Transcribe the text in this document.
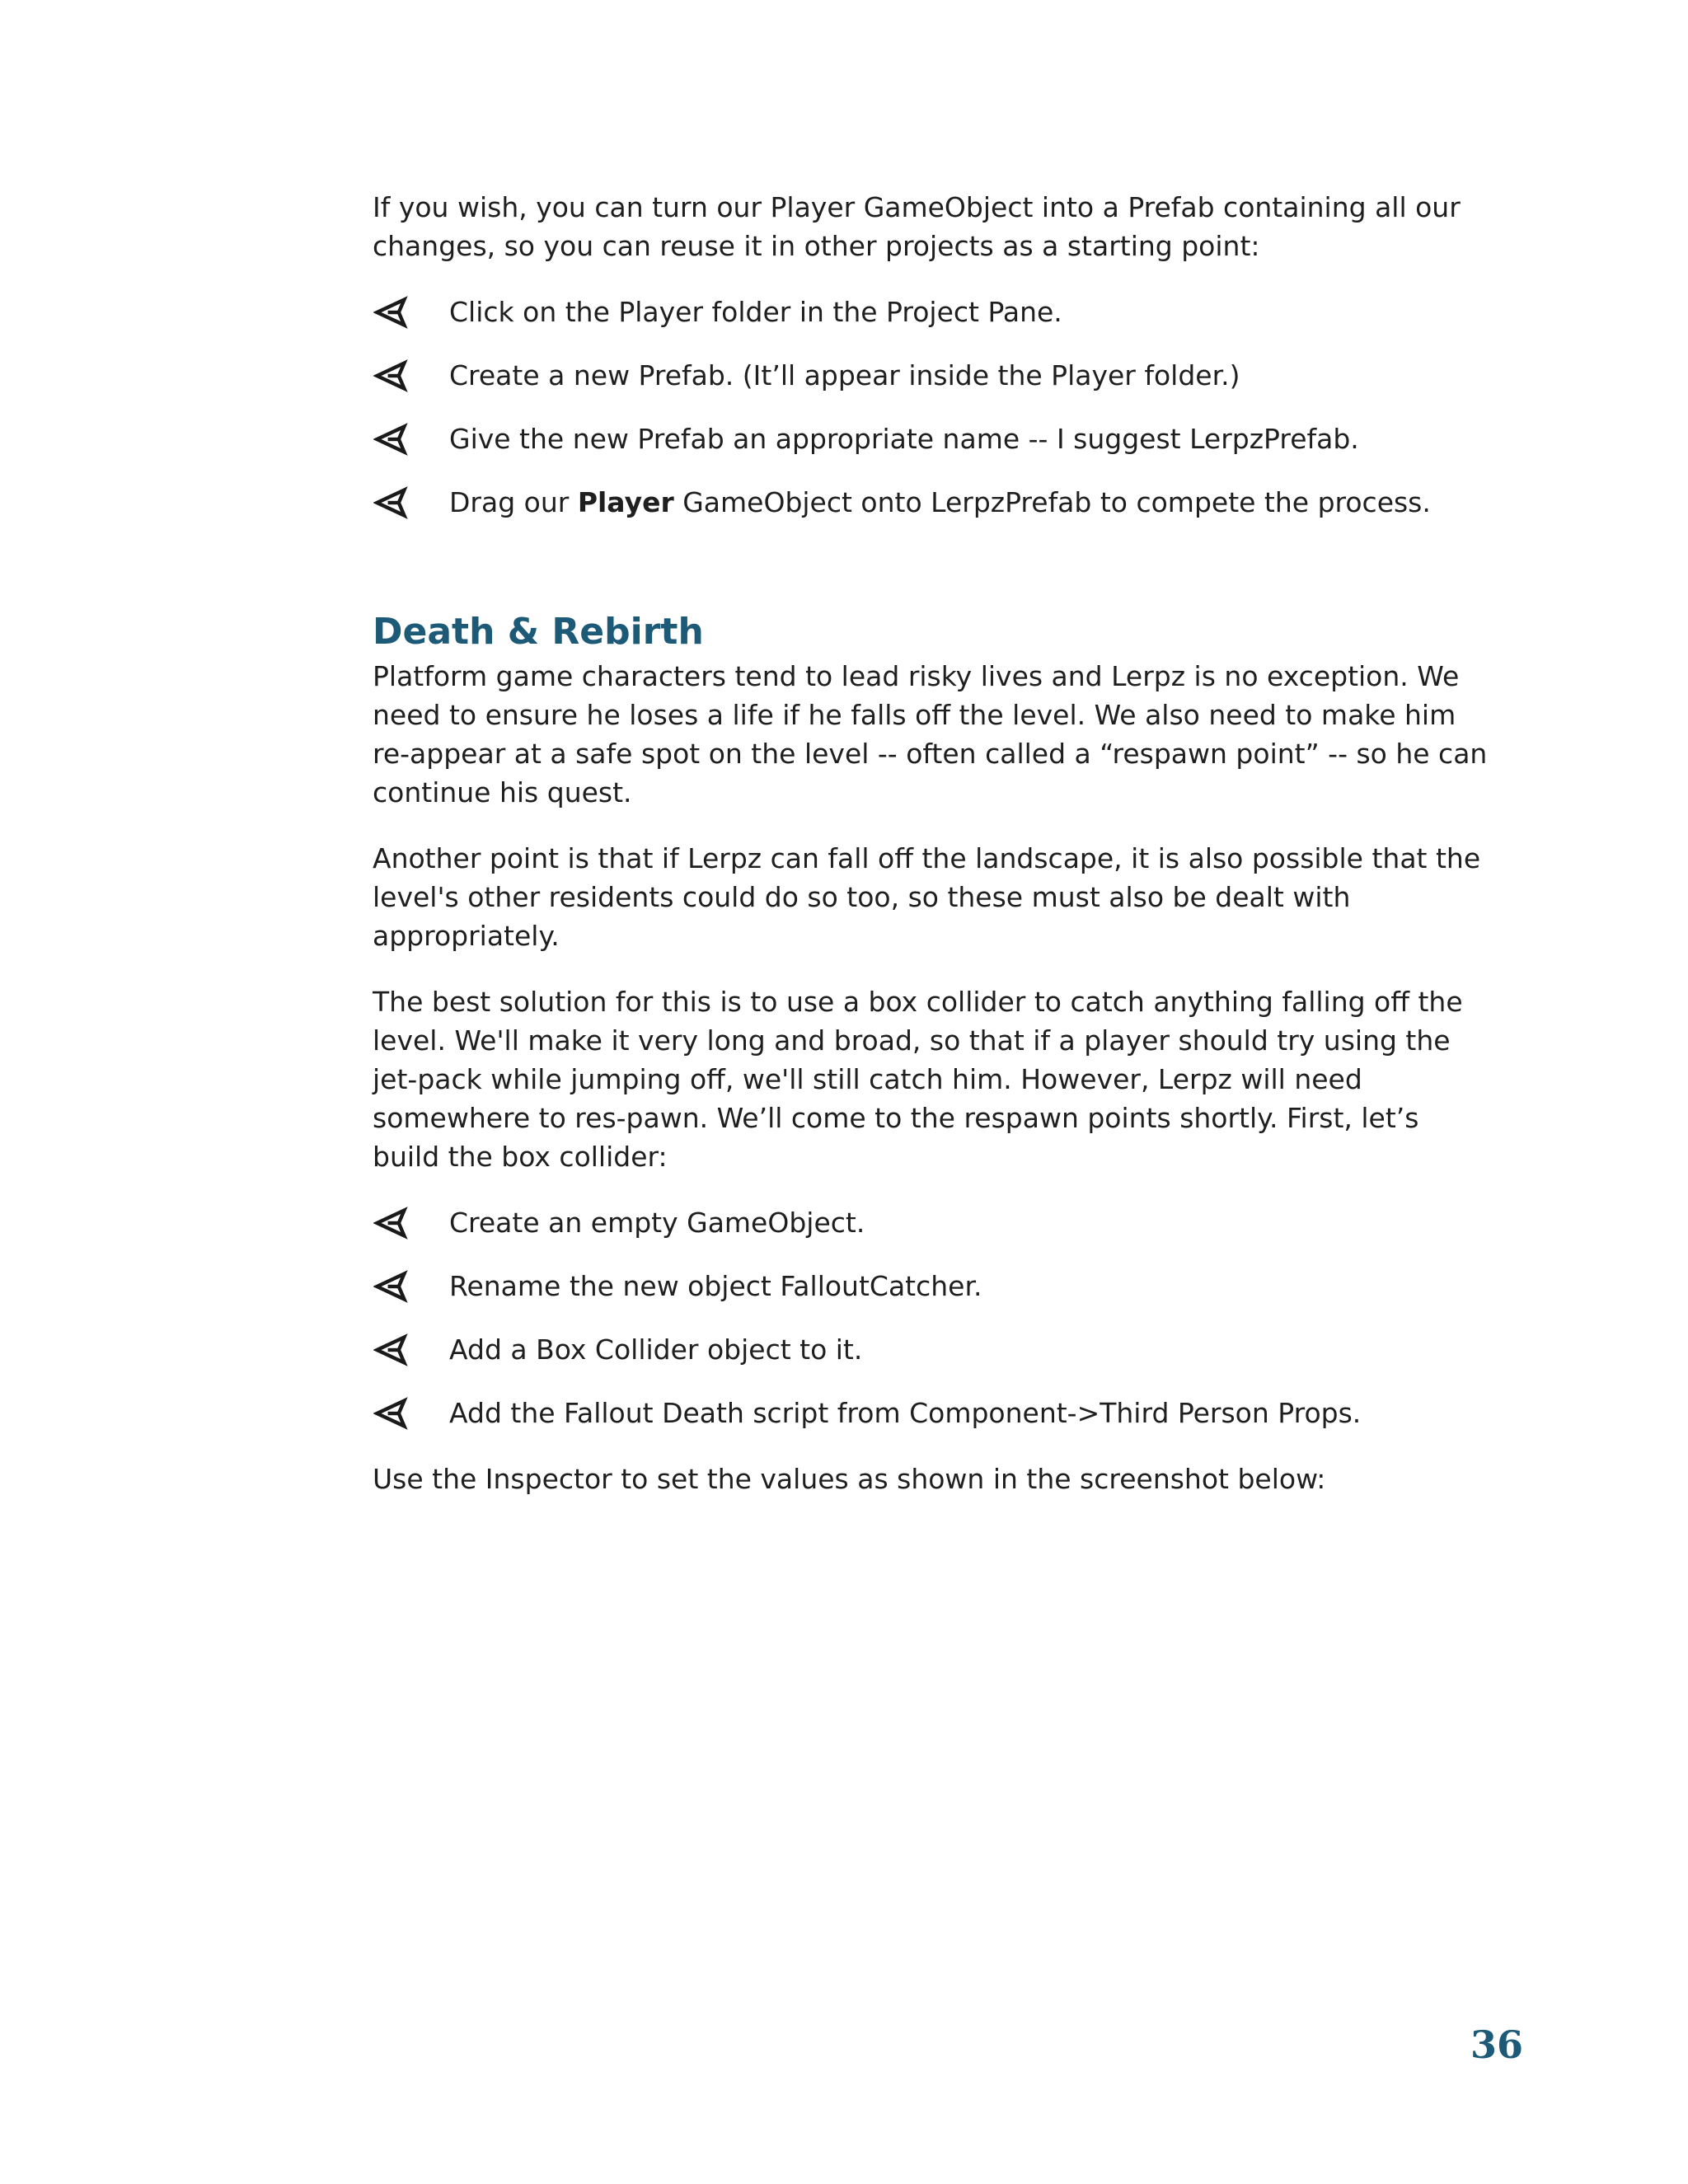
If you wish, you can turn our Player GameObject into a Prefab containing all our changes, so you can reuse it in other projects as a starting point:

Click on the Player folder in the Project Pane.
Create a new Prefab. (It’ll appear inside the Player folder.)
Give the new Prefab an appropriate name -- I suggest LerpzPrefab.
Drag our Player GameObject onto LerpzPrefab to compete the process.
Death & Rebirth

Platform game characters tend to lead risky lives and Lerpz is no exception. We need to ensure he loses a life if he falls off the level. We also need to make him re-appear at a safe spot on the level -- often called a “respawn point” -- so he can continue his quest.

Another point is that if Lerpz can fall off the landscape, it is also possible that the level's other residents could do so too, so these must also be dealt with appropriately.

The best solution for this is to use a box collider to catch anything falling off the level. We'll make it very long and broad, so that if a player should try using the jet-pack while jumping off, we'll still catch him. However, Lerpz will need somewhere to res-pawn. We’ll come to the respawn points shortly. First, let’s build the box collider:

Create an empty GameObject.
Rename the new object FalloutCatcher.
Add a Box Collider object to it.
Add the Fallout Death script from Component->Third Person Props.

Use the Inspector to set the values as shown in the screenshot below:

36
